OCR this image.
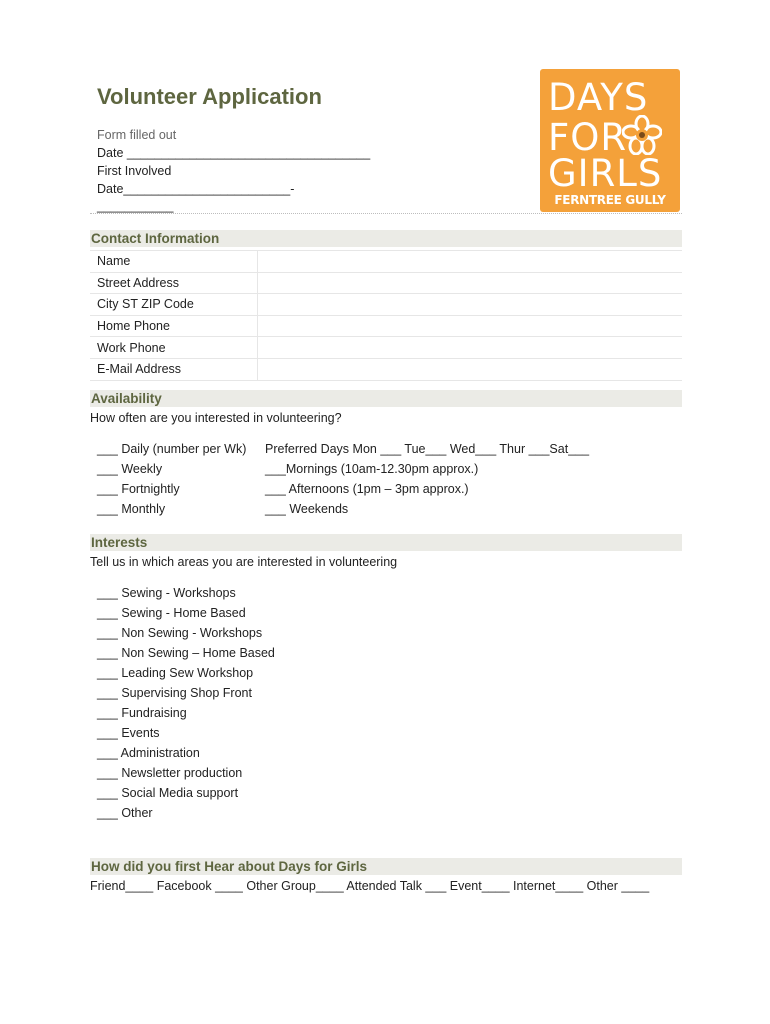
Volunteer Application
Form filled out
Date ___________________________________
First Involved
Date________________________-
___________
DAYS
FOR
GIRLS
FERNTREE GULLY
Contact Information
Name
Street Address
City ST ZIP Code
Home Phone
Work Phone
E-Mail Address
Availability
How often are you interested in volunteering?
___ Daily (number per Wk)
___ Weekly
___ Fortnightly
___ Monthly
Preferred Days Mon ___ Tue___ Wed___ Thur ___Sat___
___Mornings (10am-12.30pm approx.)
___ Afternoons (1pm – 3pm approx.)
___ Weekends
Interests
Tell us in which areas you are interested in volunteering
___ Sewing - Workshops
___ Sewing - Home Based
___ Non Sewing - Workshops
___ Non Sewing – Home Based
___ Leading Sew Workshop
___ Supervising Shop Front
___ Fundraising
___ Events
___ Administration
___ Newsletter production
___ Social Media support
___ Other
How did you first Hear about Days for Girls
Friend____ Facebook ____ Other Group____ Attended Talk ___ Event____ Internet____ Other ____
